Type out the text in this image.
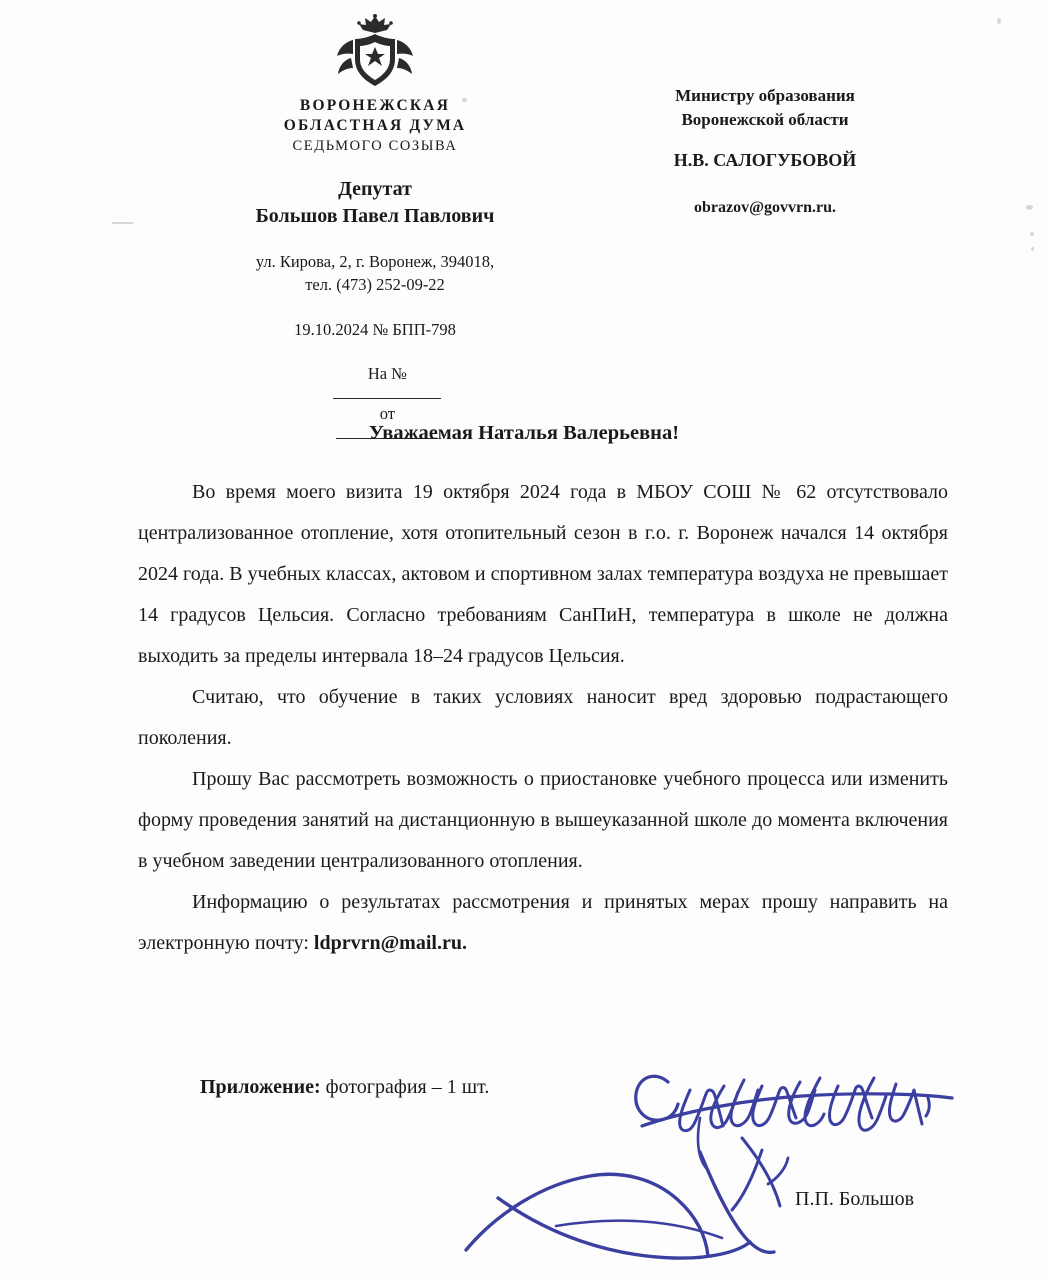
ВОРОНЕЖСКАЯ
ОБЛАСТНАЯ ДУМА
СЕДЬМОГО СОЗЫВА
Депутат
Большов Павел Павлович
ул. Кирова, 2, г. Воронеж, 394018,
тел. (473) 252-09-22
19.10.2024 № БПП-798

На №

от

Министру образования
Воронежской области
Н.В. САЛОГУБОВОЙ
obrazov@govvrn.ru.
Уважаемая Наталья Валерьевна!

Во время моего визита 19 октября 2024 года в МБОУ СОШ № 62 отсутствовало централизованное отопление, хотя отопительный сезон в г.о. г. Воронеж начался 14 октября 2024 года. В учебных классах, актовом и спортивном залах температура воздуха не превышает 14 градусов Цельсия. Согласно требованиям СанПиН, температура в школе не должна выходить за пределы интервала 18–24 градусов Цельсия.

Считаю, что обучение в таких условиях наносит вред здоровью подрастающего поколения.

Прошу Вас рассмотреть возможность о приостановке учебного процесса или изменить форму проведения занятий на дистанционную в вышеуказанной школе до момента включения в учебном заведении централизованного отопления.

Информацию о результатах рассмотрения и принятых мерах прошу направить на электронную почту: ldprvrn@mail.ru.

Приложение: фотография – 1 шт.
П.П. Большов
